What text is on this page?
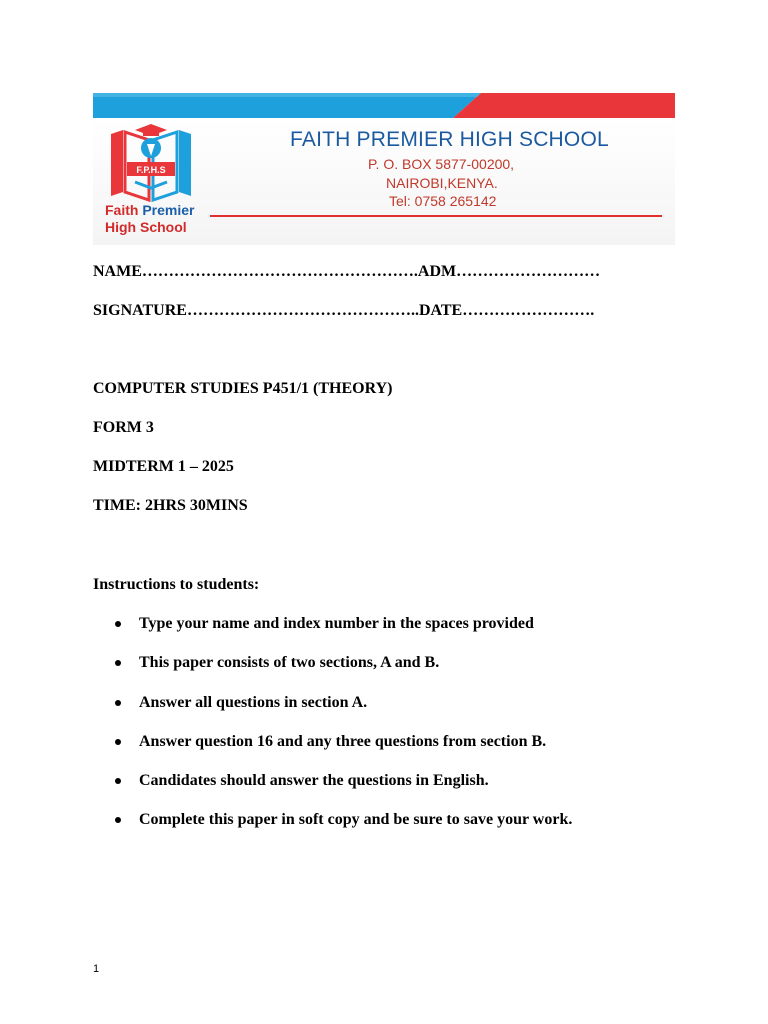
F.P.H.S
Faith Premier
High School
FAITH PREMIER HIGH SCHOOL
P. O. BOX 5877-00200,
NAIROBI,KENYA.
Tel: 0758 265142
NAME…………………………………………….ADM………………………
SIGNATURE……………………………………..DATE…………………….
COMPUTER STUDIES P451/1 (THEORY)
FORM 3
MIDTERM 1 – 2025
TIME: 2HRS 30MINS
Instructions to students:
Type your name and index number in the spaces provided
This paper consists of two sections, A and B.
Answer all questions in section A.
Answer question 16 and any three questions from section B.
Candidates should answer the questions in English.
Complete this paper in soft copy and be sure to save your work.
1
